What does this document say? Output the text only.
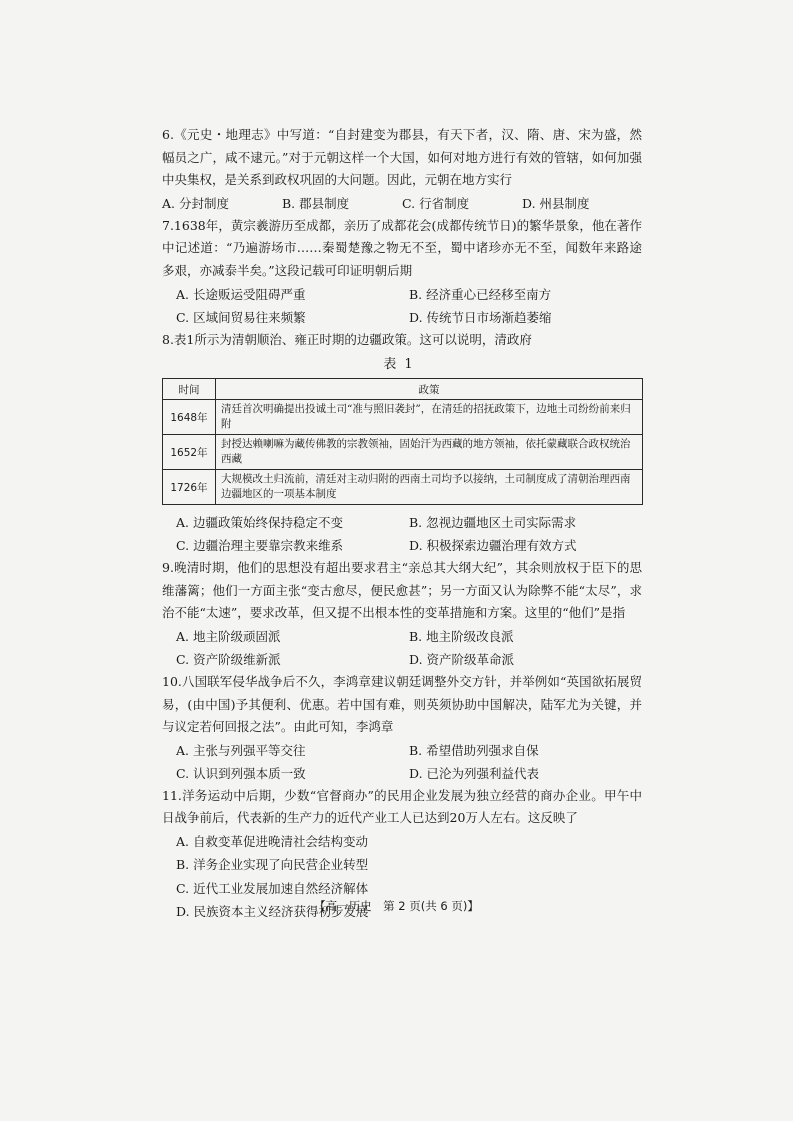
6.《元史・地理志》中写道：“自封建变为郡县，有天下者，汉、隋、唐、宋为盛，然幅员之广，咸不逮元。”对于元朝这样一个大国，如何对地方进行有效的管辖，如何加强中央集权，是关系到政权巩固的大问题。因此，元朝在地方实行

A. 分封制度	B. 郡县制度	C. 行省制度	D. 州县制度

7.1638年，黄宗羲游历至成都，亲历了成都花会(成都传统节日)的繁华景象，他在著作中记述道：“乃遍游场市……秦蜀楚豫之物无不至，蜀中诸珍亦无不至，闻数年来路途多艰，亦减泰半矣。”这段记载可印证明朝后期

A. 长途贩运受阻碍严重	B. 经济重心已经移至南方
C. 区域间贸易往来频繁	D. 传统节日市场渐趋萎缩

8.表1所示为清朝顺治、雍正时期的边疆政策。这可以说明，清政府

表1
时间	政策
1648年	清廷首次明确提出投诚土司“准与照旧袭封”，在清廷的招抚政策下，边地土司纷纷前来归附
1652年	封授达赖喇嘛为藏传佛教的宗教领袖，固始汗为西藏的地方领袖，依托蒙藏联合政权统治西藏
1726年	大规模改土归流前，清廷对主动归附的西南土司均予以接纳，土司制度成了清朝治理西南边疆地区的一项基本制度
A. 边疆政策始终保持稳定不变	B. 忽视边疆地区土司实际需求
C. 边疆治理主要靠宗教来维系	D. 积极探索边疆治理有效方式

9.晚清时期，他们的思想没有超出要求君主“亲总其大纲大纪”，其余则放权于臣下的思维藩篱；他们一方面主张“变古愈尽，便民愈甚”；另一方面又认为除弊不能“太尽”，求治不能“太速”，要求改革，但又提不出根本性的变革措施和方案。这里的“他们”是指

A. 地主阶级顽固派	B. 地主阶级改良派
C. 资产阶级维新派	D. 资产阶级革命派

10.八国联军侵华战争后不久，李鸿章建议朝廷调整外交方针，并举例如“英国欲拓展贸易，(由中国)予其便利、优惠。若中国有难，则英须协助中国解决，陆军尤为关键，并与议定若何回报之法”。由此可知，李鸿章

A. 主张与列强平等交往	B. 希望借助列强求自保
C. 认识到列强本质一致	D. 已沦为列强利益代表

11.洋务运动中后期，少数“官督商办”的民用企业发展为独立经营的商办企业。甲午中日战争前后，代表新的生产力的近代产业工人已达到20万人左右。这反映了

A. 自救变革促进晚清社会结构变动
B. 洋务企业实现了向民营企业转型
C. 近代工业发展加速自然经济解体
D. 民族资本主义经济获得初步发展
【高一历史　第 2 页(共 6 页)】
